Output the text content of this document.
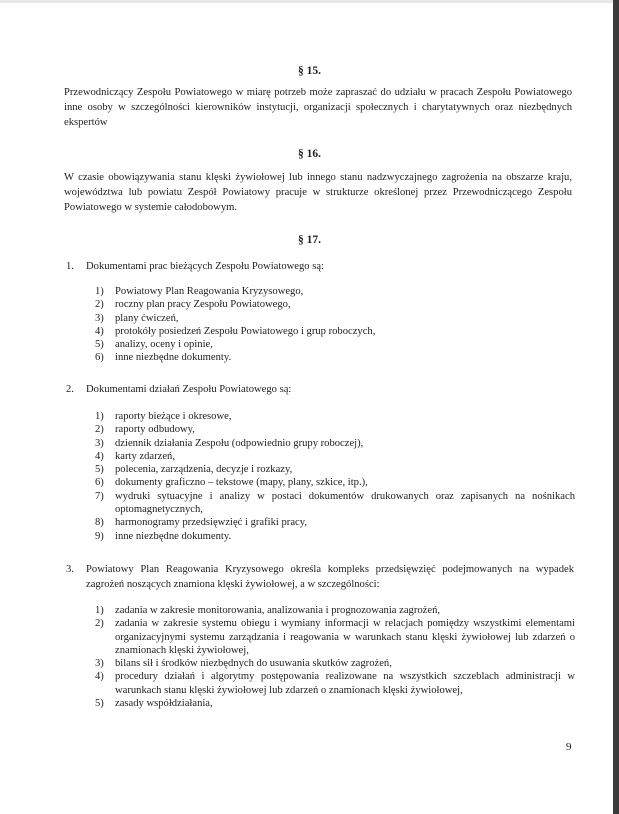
§ 15.
Przewodniczący Zespołu Powiatowego w miarę potrzeb może zapraszać do udziału w pracach Zespołu Powiatowego inne osoby w szczególności kierowników instytucji, organizacji społecznych i charytatywnych oraz niezbędnych ekspertów
§ 16.
W czasie obowiązywania stanu klęski żywiołowej lub innego stanu nadzwyczajnego zagrożenia na obszarze kraju, województwa lub powiatu Zespół Powiatowy pracuje w strukturze określonej przez Przewodniczącego Zespołu Powiatowego w systemie całodobowym.
§ 17.
1. Dokumentami prac bieżących Zespołu Powiatowego są:
1) Powiatowy Plan Reagowania Kryzysowego,
2) roczny plan pracy Zespołu Powiatowego,
3) plany ćwiczeń,
4) protokóły posiedzeń Zespołu Powiatowego i grup roboczych,
5) analizy, oceny i opinie,
6) inne niezbędne dokumenty.
2. Dokumentami działań Zespołu Powiatowego są:
1) raporty bieżące i okresowe,
2) raporty odbudowy,
3) dziennik działania Zespołu (odpowiednio grupy roboczej),
4) karty zdarzeń,
5) polecenia, zarządzenia, decyzje i rozkazy,
6) dokumenty graficzno – tekstowe (mapy, plany, szkice, itp.),
7) wydruki sytuacyjne i analizy w postaci dokumentów drukowanych oraz zapisanych na nośnikach optomagnetycznych,
8) harmonogramy przedsięwzięć i grafiki pracy,
9) inne niezbędne dokumenty.
3. Powiatowy Plan Reagowania Kryzysowego określa kompleks przedsięwzięć podejmowanych na wypadek zagrożeń noszących znamiona klęski żywiołowej, a w szczególności:
1) zadania w zakresie monitorowania, analizowania i prognozowania zagrożeń,
2) zadania w zakresie systemu obiegu i wymiany informacji w relacjach pomiędzy wszystkimi elementami organizacyjnymi systemu zarządzania i reagowania w warunkach stanu klęski żywiołowej lub zdarzeń o znamionach klęski żywiołowej,
3) bilans sił i środków niezbędnych do usuwania skutków zagrożeń,
4) procedury działań i algorytmy postępowania realizowane na wszystkich szczeblach administracji w warunkach stanu klęski żywiołowej lub zdarzeń o znamionach klęski żywiołowej,
5) zasady współdziałania,
9
